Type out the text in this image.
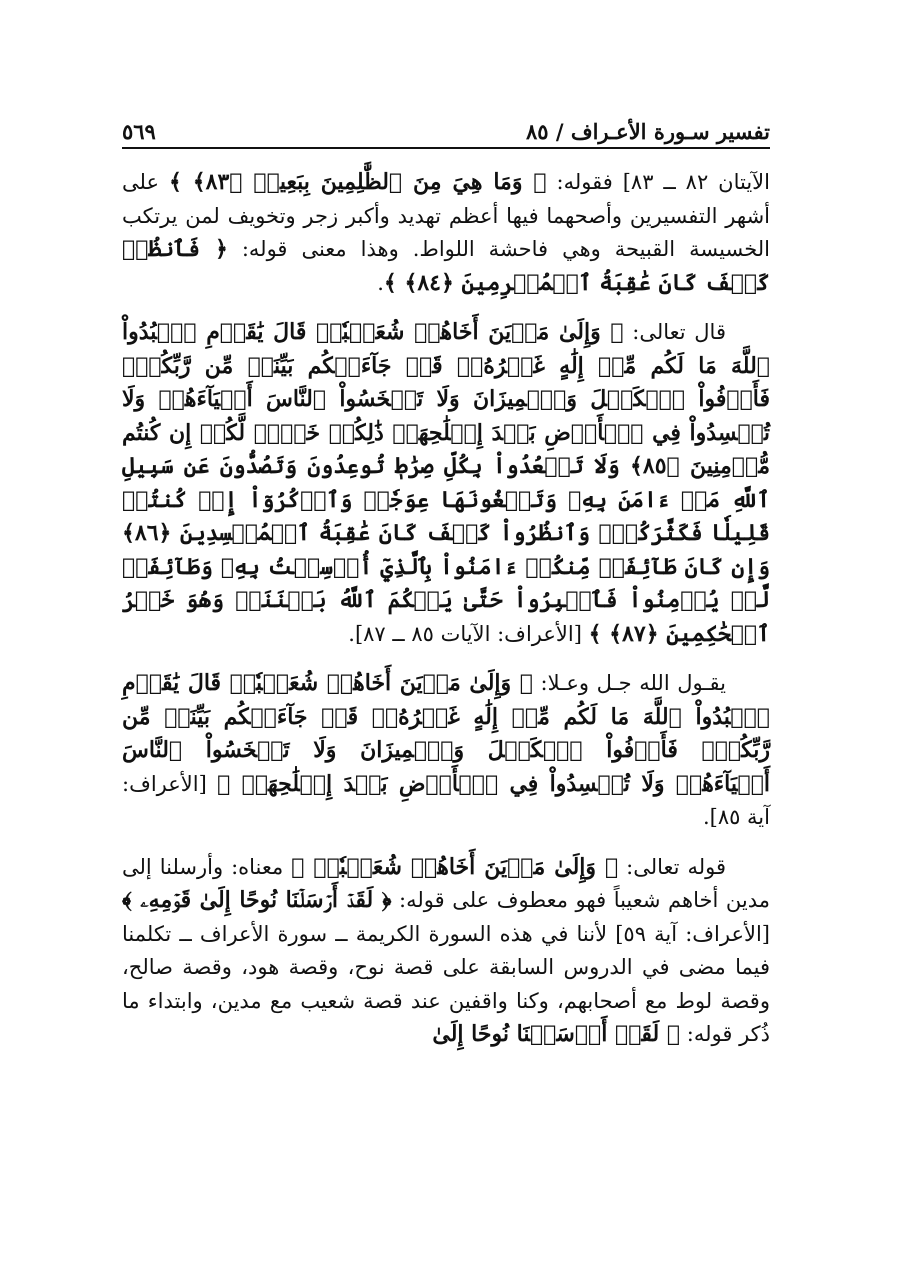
تفسير سـورة الأعـراف / ٨٥
٥٦٩

الآيتان ٨٢ ــ ٨٣] فقوله: ﴿ وَمَا هِيَ مِنَ ٱلظَّٰلِمِينَ بِبَعِيدٖ ﴿٨٣﴾ ﴾ على أشهر التفسيرين وأصحهما فيها أعظم تهديد وأكبر زجر وتخويف لمن يرتكب الخسيسة القبيحة وهي فاحشة اللواط. وهذا معنى قوله: ﴿ فَٱنظُرۡ كَيۡفَ كَانَ عَٰقِبَةُ ٱلۡمُجۡرِمِينَ ﴿٨٤﴾ ﴾.

قال تعالى: ﴿ وَإِلَىٰ مَدۡيَنَ أَخَاهُمۡ شُعَيۡبٗاۚ قَالَ يَٰقَوۡمِ ٱعۡبُدُواْ ٱللَّهَ مَا لَكُم مِّنۡ إِلَٰهٍ غَيۡرُهُۥۖ قَدۡ جَآءَتۡكُم بَيِّنَةٞ مِّن رَّبِّكُمۡۖ فَأَوۡفُواْ ٱلۡكَيۡلَ وَٱلۡمِيزَانَ وَلَا تَبۡخَسُواْ ٱلنَّاسَ أَشۡيَآءَهُمۡ وَلَا تُفۡسِدُواْ فِي ٱلۡأَرۡضِ بَعۡدَ إِصۡلَٰحِهَاۚ ذَٰلِكُمۡ خَيۡرٞ لَّكُمۡ إِن كُنتُم مُّؤۡمِنِينَ ﴿٨٥﴾ وَلَا تَقۡعُدُواْ بِكُلِّ صِرَٰطٖ تُوعِدُونَ وَتَصُدُّونَ عَن سَبِيلِ ٱللَّهِ مَنۡ ءَامَنَ بِهِۦ وَتَبۡغُونَهَا عِوَجٗاۚ وَٱذۡكُرُوٓاْ إِذۡ كُنتُمۡ قَلِيلٗا فَكَثَّرَكُمۡۖ وَٱنظُرُواْ كَيۡفَ كَانَ عَٰقِبَةُ ٱلۡمُفۡسِدِينَ ﴿٨٦﴾ وَإِن كَانَ طَآئِفَةٞ مِّنكُمۡ ءَامَنُواْ بِٱلَّذِيٓ أُرۡسِلۡتُ بِهِۦ وَطَآئِفَةٞ لَّمۡ يُؤۡمِنُواْ فَٱصۡبِرُواْ حَتَّىٰ يَحۡكُمَ ٱللَّهُ بَيۡنَنَاۚ وَهُوَ خَيۡرُ ٱلۡحَٰكِمِينَ ﴿٨٧﴾ ﴾ [الأعراف: الآيات ٨٥ ــ ٨٧].

يقـول الله جـل وعـلا: ﴿ وَإِلَىٰ مَدۡيَنَ أَخَاهُمۡ شُعَيۡبٗاۚ قَالَ يَٰقَوۡمِ ٱعۡبُدُواْ ٱللَّهَ مَا لَكُم مِّنۡ إِلَٰهٍ غَيۡرُهُۥۖ قَدۡ جَآءَتۡكُم بَيِّنَةٞ مِّن رَّبِّكُمۡۖ فَأَوۡفُواْ ٱلۡكَيۡلَ وَٱلۡمِيزَانَ وَلَا تَبۡخَسُواْ ٱلنَّاسَ أَشۡيَآءَهُمۡ وَلَا تُفۡسِدُواْ فِي ٱلۡأَرۡضِ بَعۡدَ إِصۡلَٰحِهَاۚ ﴾ [الأعراف: آية ٨٥].

قوله تعالى: ﴿ وَإِلَىٰ مَدۡيَنَ أَخَاهُمۡ شُعَيۡبٗاۚ ﴾ معناه: وأرسلنا إلى مدين أخاهم شعيباً فهو معطوف على قوله: ﴿ لَقَدۡ أَرۡسَلۡنَا نُوحًا إِلَىٰ قَوۡمِهِۦ ﴾ [الأعراف: آية ٥٩] لأننا في هذه السورة الكريمة ــ سورة الأعراف ــ تكلمنا فيما مضى في الدروس السابقة على قصة نوح، وقصة هود، وقصة صالح، وقصة لوط مع أصحابهم، وكنا واقفين عند قصة شعيب مع مدين، وابتداء ما ذُكر قوله: ﴿ لَقَدۡ أَرۡسَلۡنَا نُوحًا إِلَىٰ
